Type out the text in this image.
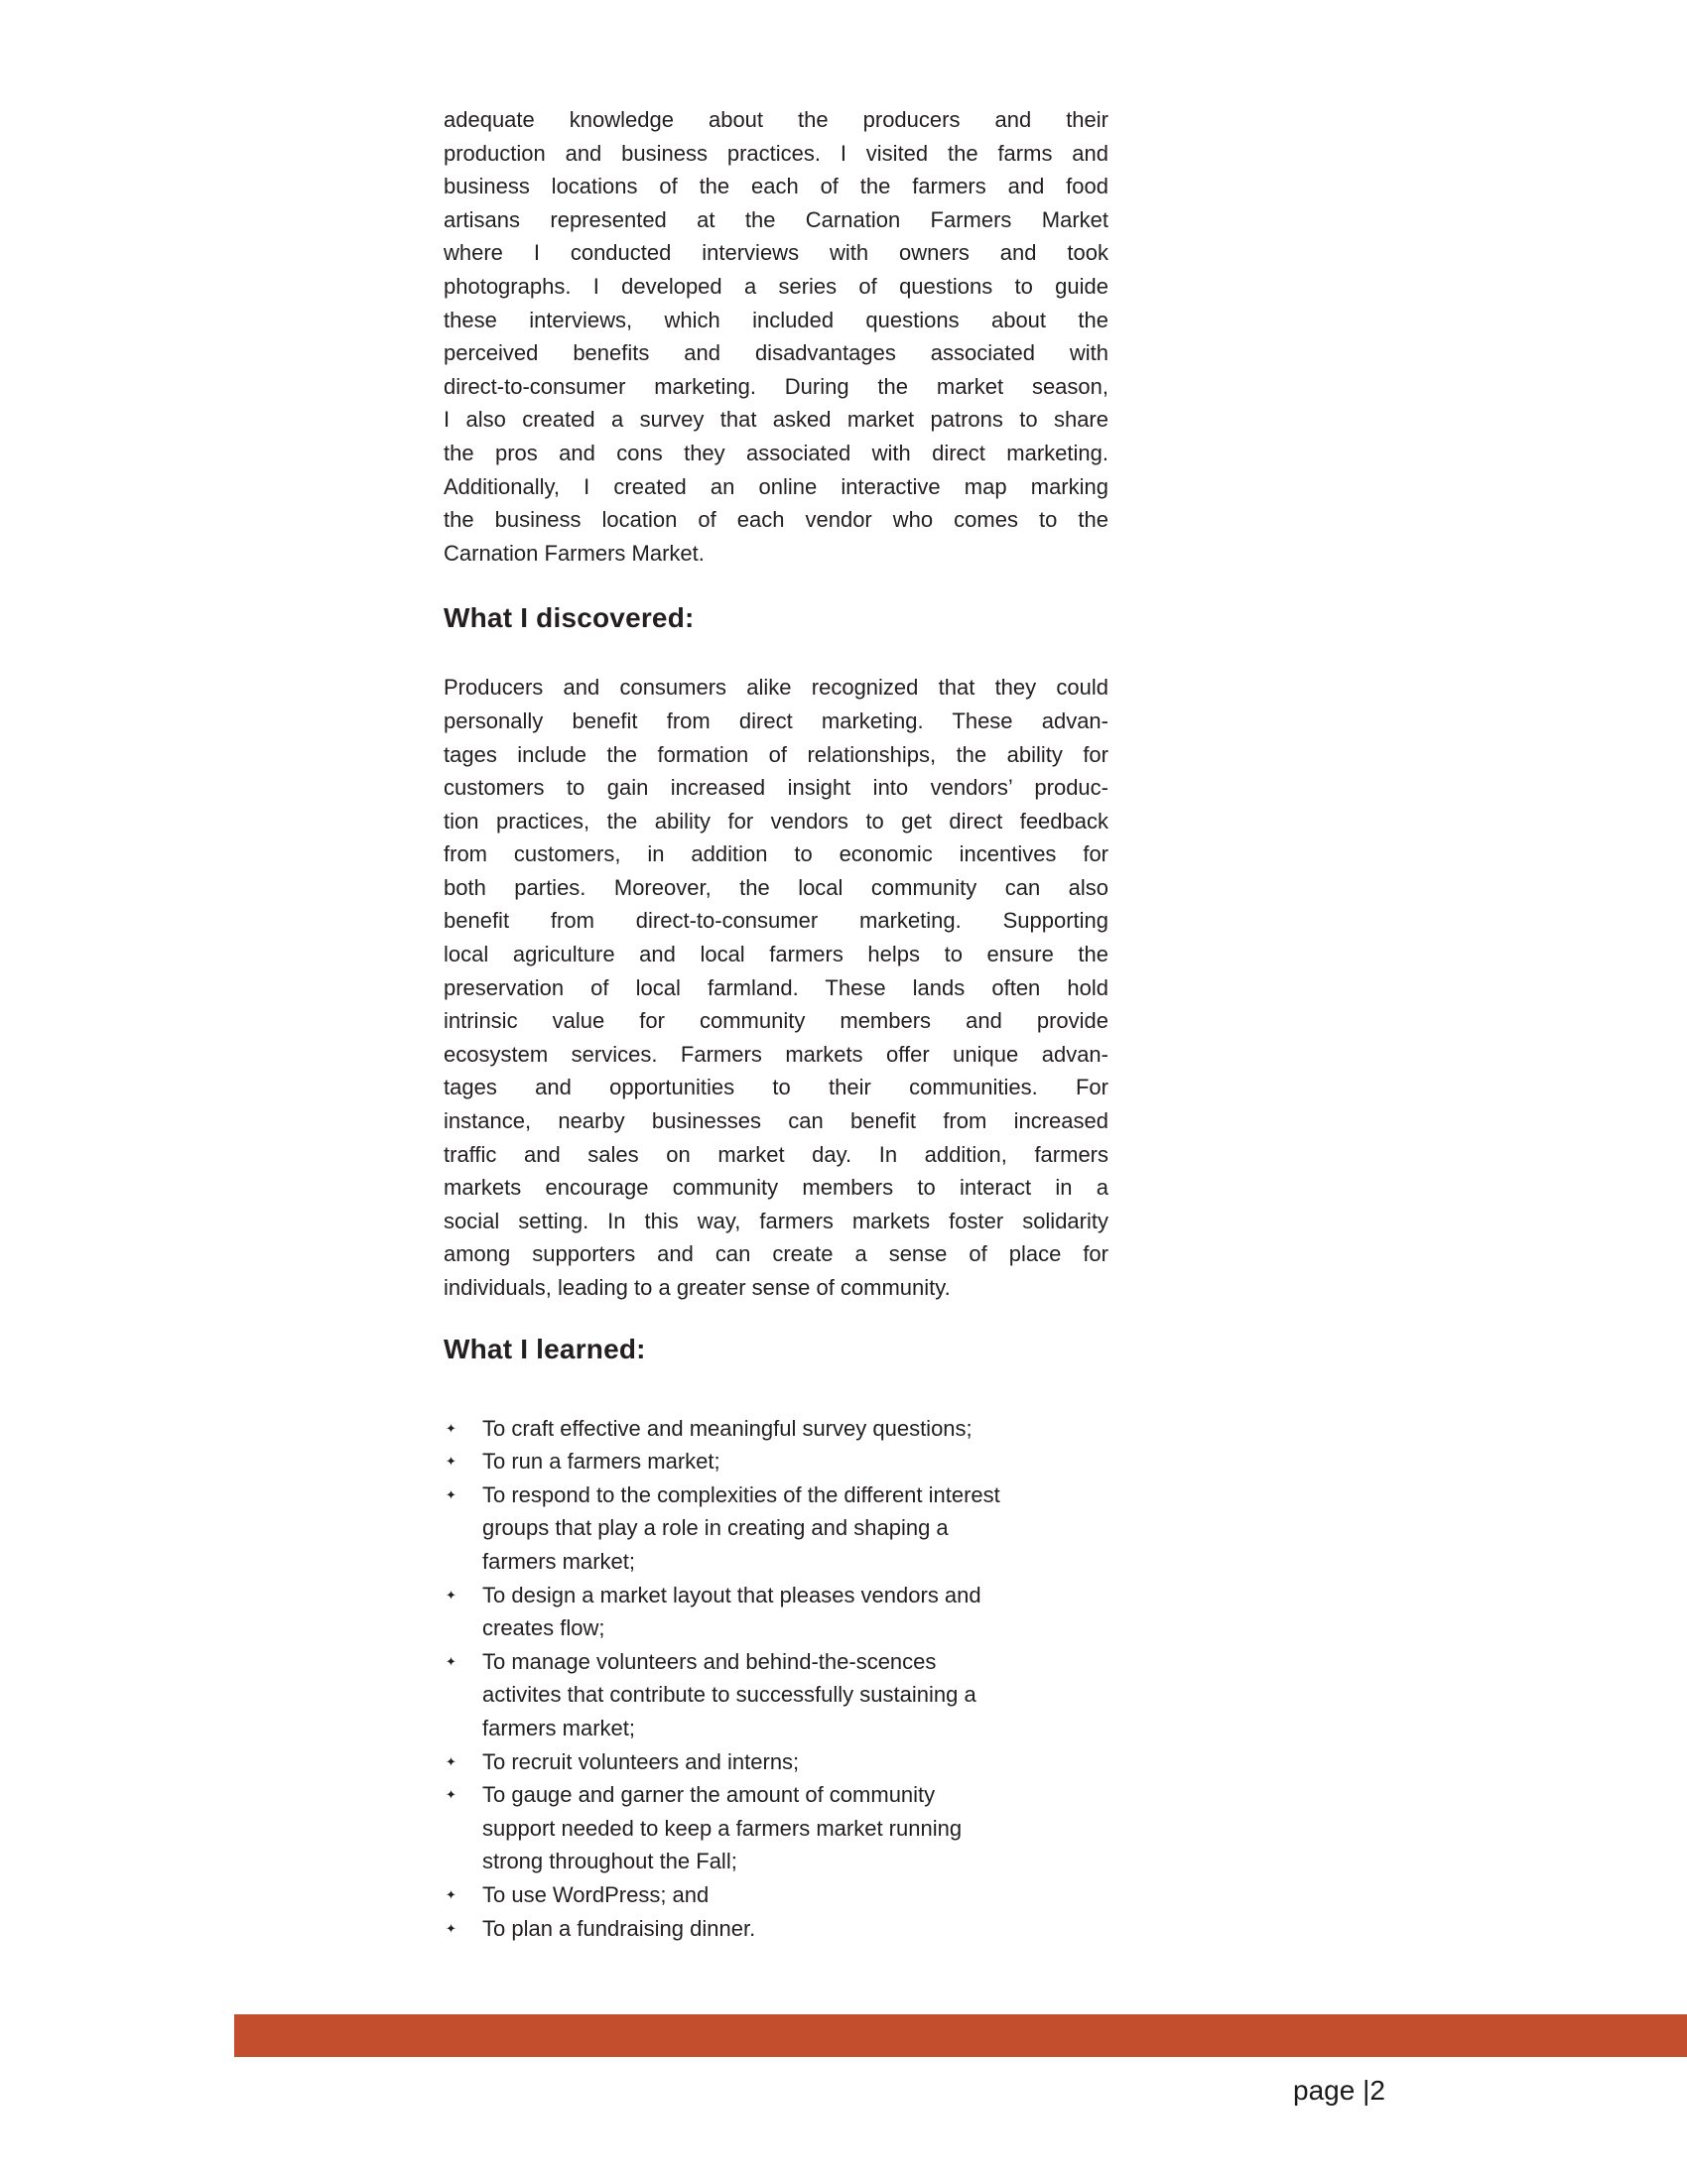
adequate knowledge about the producers and their
production and business practices. I visited the farms and
business locations of the each of the farmers and food
artisans represented at the Carnation Farmers Market
where I conducted interviews with owners and took
photographs. I developed a series of questions to guide
these interviews, which included questions about the
perceived benefits and disadvantages associated with
direct-to-consumer marketing. During the market season,
I also created a survey that asked market patrons to share
the pros and cons they associated with direct marketing.
Additionally, I created an online interactive map marking
the business location of each vendor who comes to the
Carnation Farmers Market.

What I discovered:

Producers and consumers alike recognized that they could
personally benefit from direct marketing. These advan-
tages include the formation of relationships, the ability for
customers to gain increased insight into vendors’ produc-
tion practices, the ability for vendors to get direct feedback
from customers, in addition to economic incentives for
both parties. Moreover, the local community can also
benefit from direct-to-consumer marketing. Supporting
local agriculture and local farmers helps to ensure the
preservation of local farmland. These lands often hold
intrinsic value for community members and provide
ecosystem services. Farmers markets offer unique advan-
tages and opportunities to their communities. For
instance, nearby businesses can benefit from increased
traffic and sales on market day. In addition, farmers
markets encourage community members to interact in a
social setting. In this way, farmers markets foster solidarity
among supporters and can create a sense of place for
individuals, leading to a greater sense of community.

What I learned:
✦ To craft effective and meaningful survey questions;
✦ To run a farmers market;
✦ To respond to the complexities of the different interest
groups that play a role in creating and shaping a
farmers market;
✦ To design a market layout that pleases vendors and
creates flow;
✦ To manage volunteers and behind-the-scences
activites that contribute to successfully sustaining a
farmers market;
✦ To recruit volunteers and interns;
✦ To gauge and garner the amount of community
support needed to keep a farmers market running
strong throughout the Fall;
✦ To use WordPress; and
✦ To plan a fundraising dinner.
page |2
